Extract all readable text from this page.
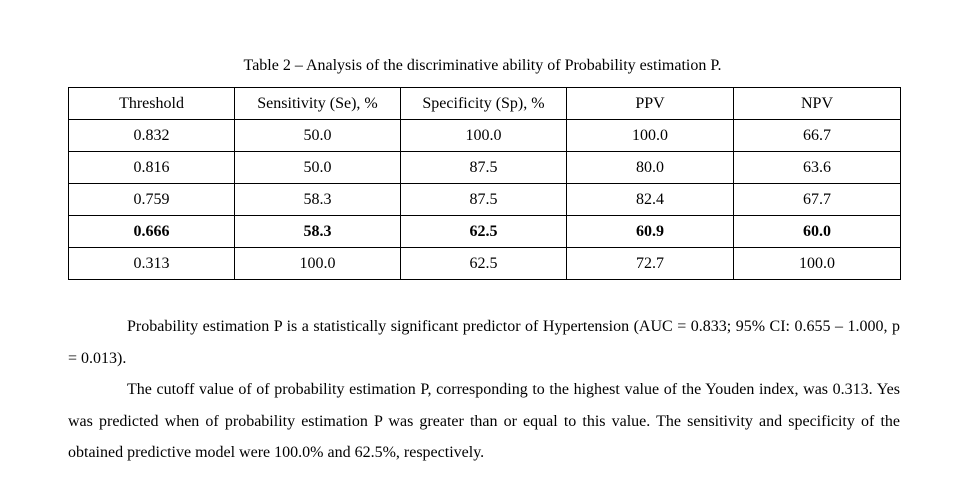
Table 2 – Analysis of the discriminative ability of Probability estimation P.
Threshold	Sensitivity (Se), %	Specificity (Sp), %	PPV	NPV
0.832	50.0	100.0	100.0	66.7
0.816	50.0	87.5	80.0	63.6
0.759	58.3	87.5	82.4	67.7
0.666	58.3	62.5	60.9	60.0
0.313	100.0	62.5	72.7	100.0

Probability estimation P is a statistically significant predictor of Hypertension (AUC = 0.833; 95% CI: 0.655 – 1.000, p = 0.013).

The cutoff value of of probability estimation P, corresponding to the highest value of the Youden index, was 0.313. Yes was predicted when of probability estimation P was greater than or equal to this value. The sensitivity and specificity of the obtained predictive model were 100.0% and 62.5%, respectively.
